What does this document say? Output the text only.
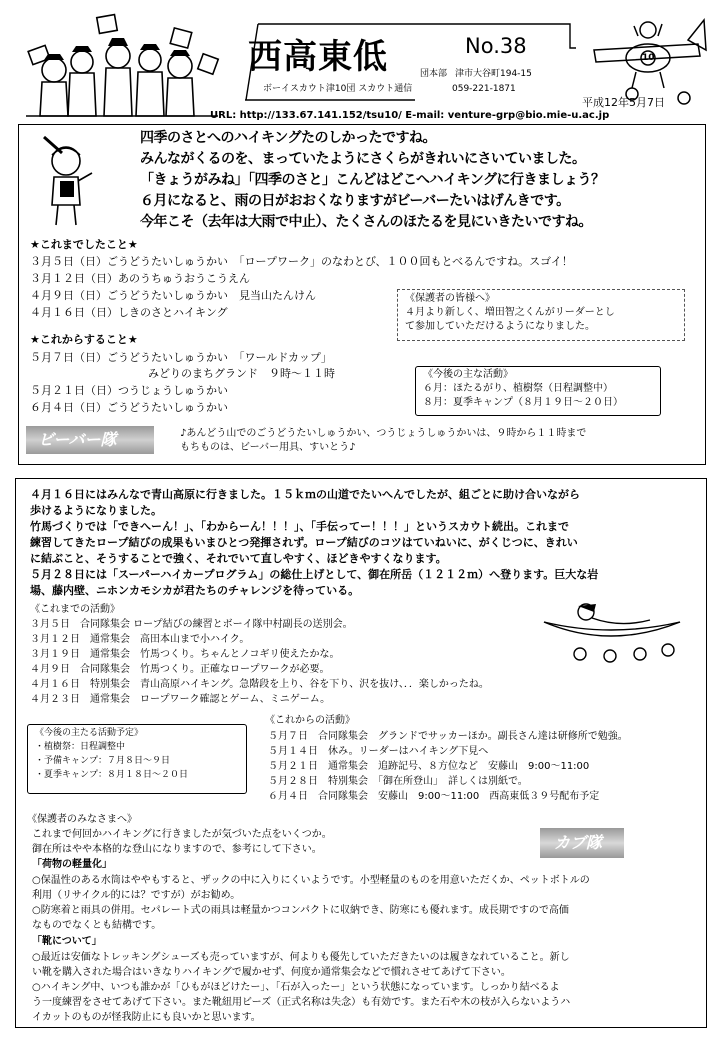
西高東低	No.38
ボーイスカウト津10団 スカウト通信
団本部 津市大谷町194-15
059-221-1871
10
平成12年5月7日
URL: http://133.67.141.152/tsu10/ E-mail: venture-grp@bio.mie-u.ac.jp
四季のさとへのハイキングたのしかったですね。
みんながくるのを、まっていたようにさくらがきれいにさいていました。
「きょうがみね」「四季のさと」こんどはどこへハイキングに行きましょう？
６月になると、雨の日がおおくなりますがビーバーたいはげんきです。
今年こそ（去年は大雨で中止）、たくさんのほたるを見にいきたいですね。
★これまでしたこと★
３月５日（日）ごうどうたいしゅうかい　「ロープワーク」のなわとび、１００回もとべるんですね。スゴイ！
３月１２日（日）あのうちゅうおうこうえん
４月９日（日）ごうどうたいしゅうかい　見当山たんけん
４月１６日（日）しきのさとハイキング
★これからすること★
５月７日（日）ごうどうたいしゅうかい　「ワールドカップ」
みどりのまちグランド　９時～１１時
５月２１日（日）つうじょうしゅうかい
６月４日（日）ごうどうたいしゅうかい
《保護者の皆様へ》
４月より新しく、増田智之くんがリーダーとし
て参加していただけるようになりました。
《今後の主な活動》
６月：ほたるがり、植樹祭（日程調整中）
８月：夏季キャンプ（８月１９日～２０日）
ビーバー隊	♪あんどう山でのごうどうたいしゅうかい、つうじょうしゅうかいは、９時から１１時まで
もちものは、ビーバー用具、すいとう♪
４月１６日にはみんなで青山高原に行きました。１５ｋｍの山道でたいへんでしたが、組ごとに助け合いながら
歩けるようになりました。
竹馬づくりでは「できへーん！」、「わからーん！！！」、「手伝ってー！！！」というスカウト続出。これまで
練習してきたロープ結びの成果もいまひとつ発揮されず。ロープ結びのコツはていねいに、がくじつに、きれい
に結ぶこと、そうすることで強く、それでいて直しやすく、ほどきやすくなります。
５月２８日には「スーパーハイカープログラム」の総仕上げとして、御在所岳（１２１２ｍ）へ登ります。巨大な岩
場、藤内壁、ニホンカモシカが君たちのチャレンジを待っている。
《これまでの活動》
３月５日　合同隊集会 ロープ結びの練習とボーイ隊中村副長の送別会。
３月１２日　通常集会　高田本山まで小ハイク。
３月１９日　通常集会　竹馬つくり。ちゃんとノコギリ使えたかな。
４月９日　合同隊集会　竹馬つくり。正確なロープワークが必要。
４月１６日　特別集会　青山高原ハイキング。急階段を上り、谷を下り、沢を抜け、．．楽しかったね。
４月２３日　通常集会　ロープワーク確認とゲーム、ミニゲーム。
《今後の主たる活動予定》
・植樹祭：日程調整中
・予備キャンプ：７月８日～９日
・夏季キャンプ：８月１８日～２０日
《これからの活動》
５月７日　合同隊集会　グランドでサッカーほか。副長さん達は研修所で勉強。
５月１４日　休み。リーダーはハイキング下見へ
５月２１日　通常集会　追跡記号、８方位など　安藤山　9:00～11:00
５月２８日　特別集会　「御在所登山」　詳しくは別紙で。
６月４日　合同隊集会　安藤山　9:00～11:00　西高東低３９号配布予定
カブ隊
《保護者のみなさまへ》
これまで何回かハイキングに行きましたが気づいた点をいくつか。
御在所はやや本格的な登山になりますので、参考にして下さい。
「荷物の軽量化」
○保温性のある水筒はややもすると、ザックの中に入りにくいようです。小型軽量のものを用意いただくか、ペットボトルの
利用（リサイクル的には？ですが）がお勧め。
○防寒着と雨具の併用。セパレート式の雨具は軽量かつコンパクトに収納でき、防寒にも優れます。成長期ですので高価
なものでなくとも結構です。
「靴について」
○最近は安価なトレッキングシューズも売っていますが、何よりも優先していただきたいのは履きなれていること。新し
い靴を購入された場合はいきなりハイキングで履かせず、何度か通常集会などで慣れさせてあげて下さい。
○ハイキング中、いつも誰かが「ひもがほどけたー」、「石が入ったー」という状態になっています。しっかり結べるよ
う一度練習をさせてあげて下さい。また靴紐用ビーズ（正式名称は失念）も有効です。また石や木の枝が入らないようハ
イカットのものが怪我防止にも良いかと思います。
